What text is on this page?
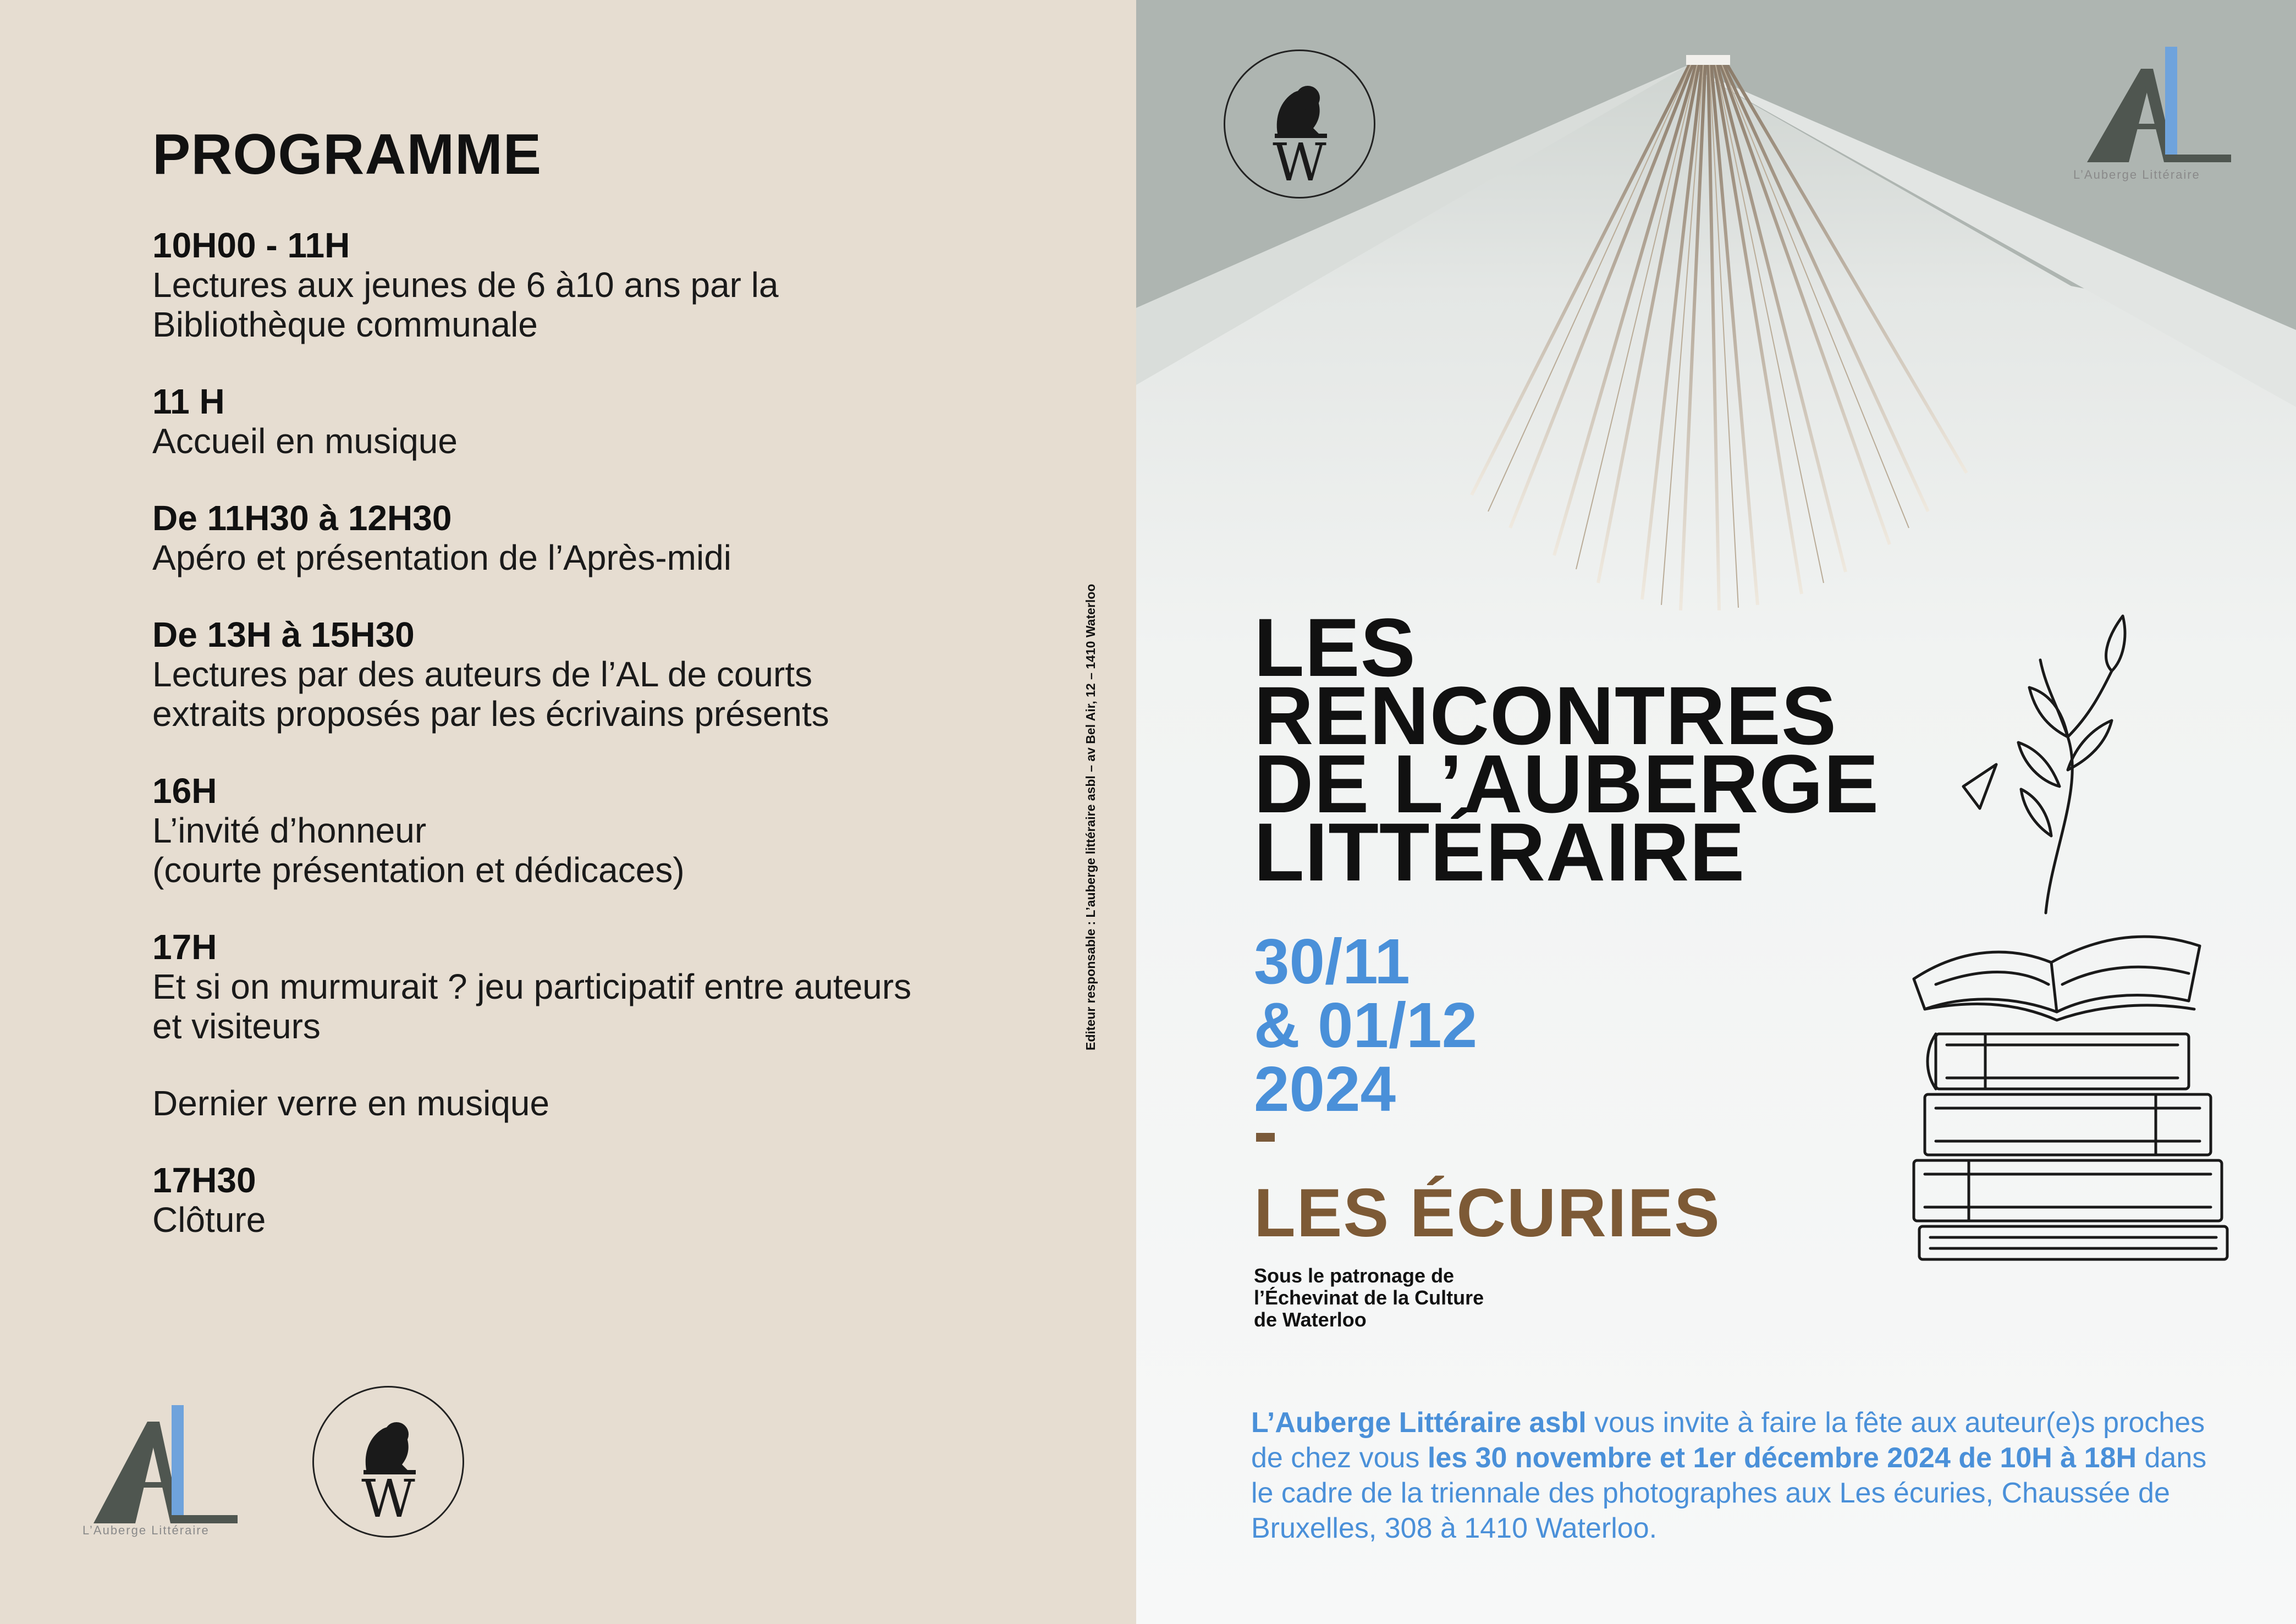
PROGRAMME
10H00 - 11H
Lectures aux jeunes de 6 à10 ans par la
Bibliothèque communale
11 H
Accueil en musique
De 11H30 à 12H30
Apéro et présentation de l’Après-midi
De 13H à 15H30
Lectures par des auteurs de l’AL de courts
extraits proposés par les écrivains présents
16H
L’invité d’honneur
(courte présentation et dédicaces)
17H
Et si on murmurait ? jeu participatif entre auteurs
et visiteurs
Dernier verre en musique
17H30
Clôture
Editeur responsable : L’auberge littéraire asbl – av Bel Air, 12 – 1410 Waterloo
L’Auberge Littéraire
W
W	L’Auberge Littéraire
LES
RENCONTRES
DE L’AUBERGE
LITTÉRAIRE
30/11
& 01/12
2024
LES ÉCURIES
Sous le patronage de
l’Échevinat de la Culture
de Waterloo
L’Auberge Littéraire asbl vous invite à faire la fête aux auteur(e)s proches de chez vous les 30 novembre et 1er décembre 2024 de 10H à 18H dans le cadre de la triennale des photographes aux Les écuries, Chaussée de Bruxelles, 308 à 1410 Waterloo.
